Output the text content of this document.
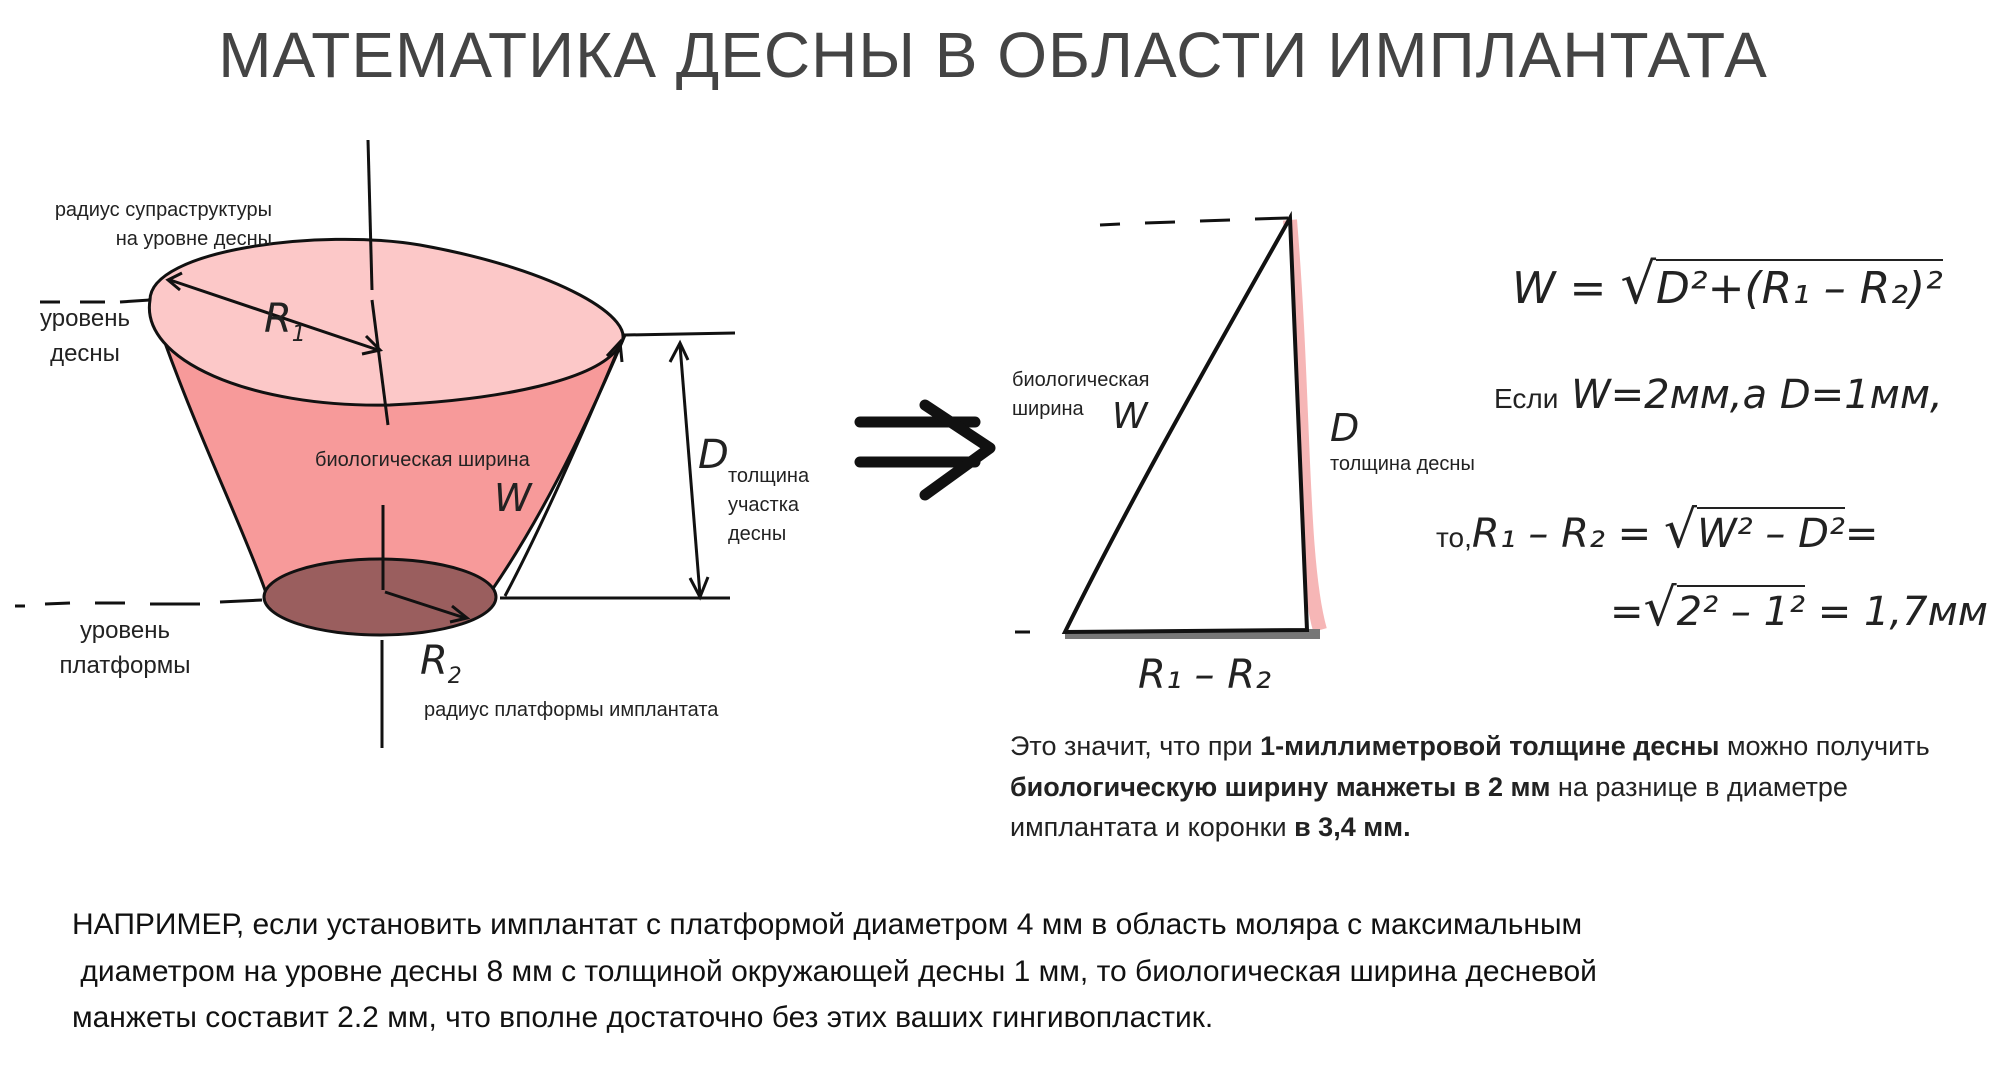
МАТЕМАТИКА ДЕСНЫ В ОБЛАСТИ ИМПЛАНТАТА
радиус супраструктуры
на уровне десны
уровень
десны
уровень
платформы
биологическая ширина
толщина
участка
десны
радиус платформы имплантата
$R_1$
$R_2$
W
D
биологическая
ширина W	D
толщина десны
R₁ – R₂
W = √D²+(R₁ – R₂)²
Если W=2мм,а D=1мм,
то,R₁ – R₂ = √W² – D²=
=√2² – 1² = 1,7мм
Это значит, что при 1-миллиметровой толщине десны можно получить биологическую ширину манжеты в 2 мм на разнице в диаметре имплантата и коронки в 3,4 мм.
НАПРИМЕР, если установить имплантат с платформой диаметром 4 мм в область моляра с максимальным
диаметром на уровне десны 8 мм с толщиной окружающей десны 1 мм, то биологическая ширина десневой
манжеты составит 2.2 мм, что вполне достаточно без этих ваших гингивопластик.
